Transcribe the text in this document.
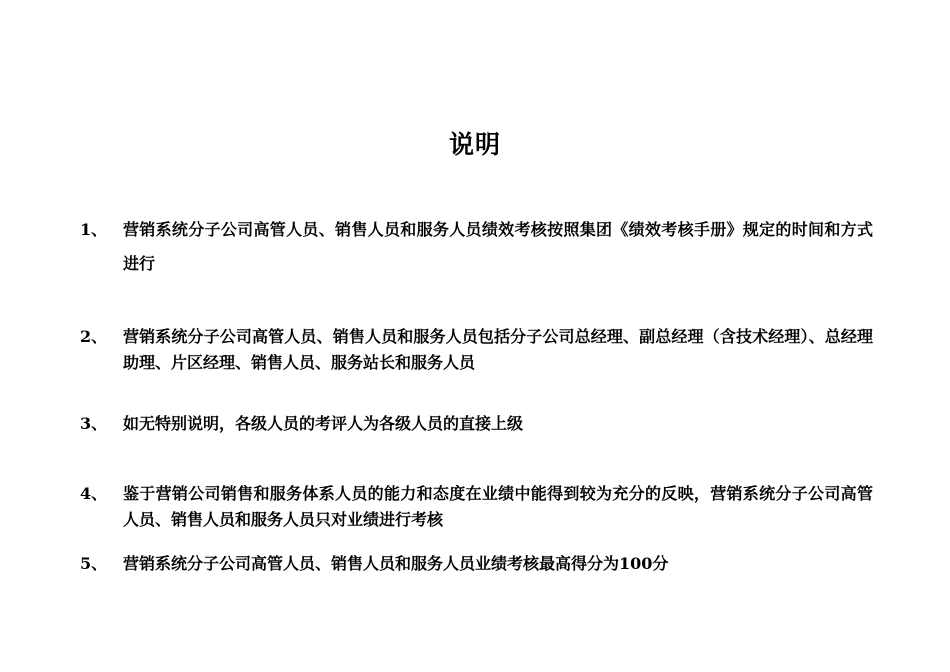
说明
1、 营销系统分子公司高管人员、销售人员和服务人员绩效考核按照集团《绩效考核手册》规定的时间和方式进行
2、 营销系统分子公司高管人员、销售人员和服务人员包括分子公司总经理、副总经理（含技术经理）、总经理助理、片区经理、销售人员、服务站长和服务人员
3、 如无特别说明，各级人员的考评人为各级人员的直接上级
4、 鉴于营销公司销售和服务体系人员的能力和态度在业绩中能得到较为充分的反映，营销系统分子公司高管人员、销售人员和服务人员只对业绩进行考核
5、 营销系统分子公司高管人员、销售人员和服务人员业绩考核最高得分为100分
